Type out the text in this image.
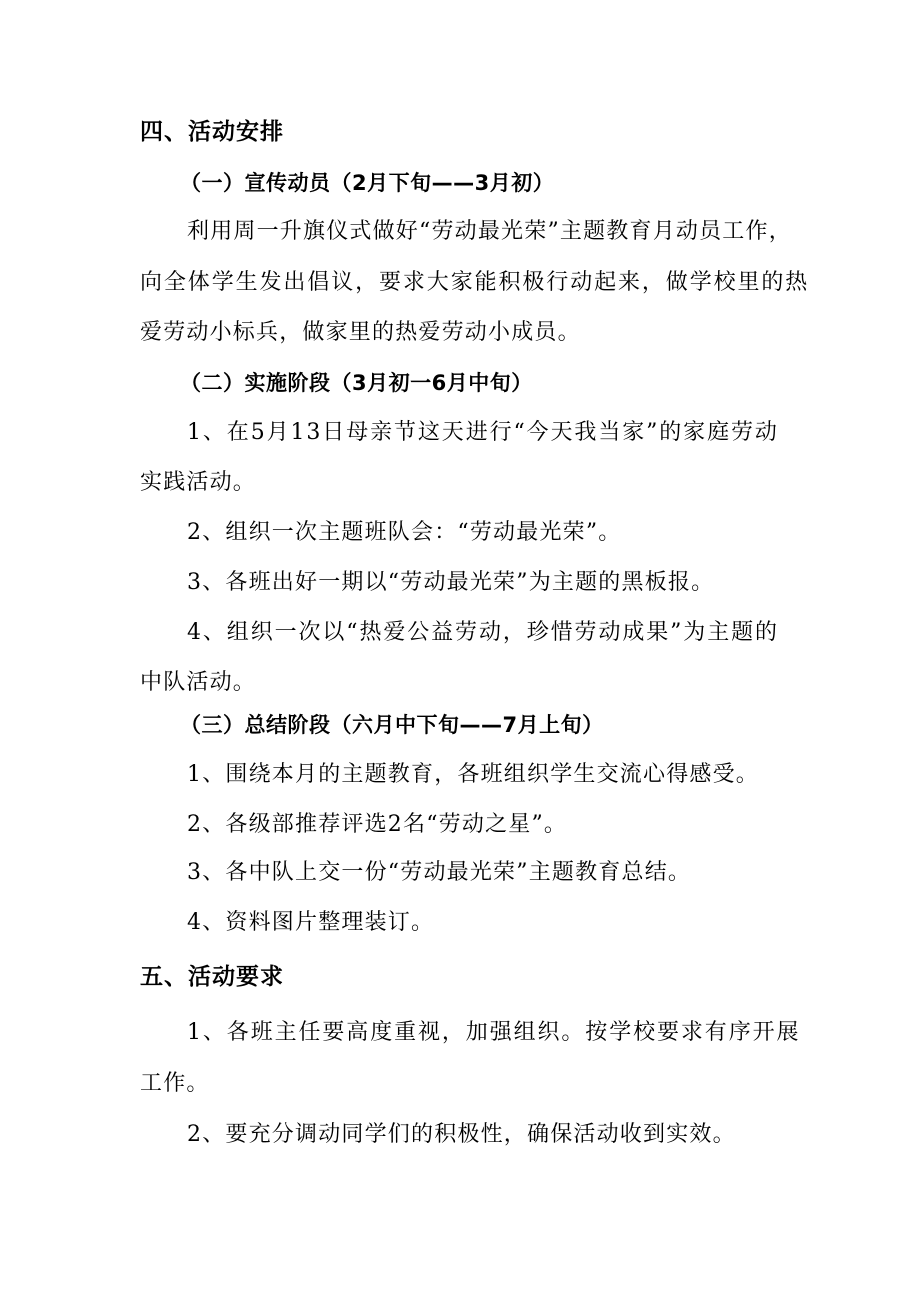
四、活动安排
（一）宣传动员（2月下旬——3月初）
利用周一升旗仪式做好“劳动最光荣”主题教育月动员工作，
向全体学生发出倡议，要求大家能积极行动起来，做学校里的热
爱劳动小标兵，做家里的热爱劳动小成员。
（二）实施阶段（3月初一6月中旬）
1、在5月13日母亲节这天进行“今天我当家”的家庭劳动
实践活动。
2、组织一次主题班队会：“劳动最光荣”。
3、各班出好一期以“劳动最光荣”为主题的黑板报。
4、组织一次以“热爱公益劳动，珍惜劳动成果”为主题的
中队活动。
（三）总结阶段（六月中下旬——7月上旬）
1、围绕本月的主题教育，各班组织学生交流心得感受。
2、各级部推荐评选2名“劳动之星”。
3、各中队上交一份“劳动最光荣”主题教育总结。
4、资料图片整理装订。
五、活动要求
1、各班主任要高度重视，加强组织。按学校要求有序开展
工作。
2、要充分调动同学们的积极性，确保活动收到实效。
